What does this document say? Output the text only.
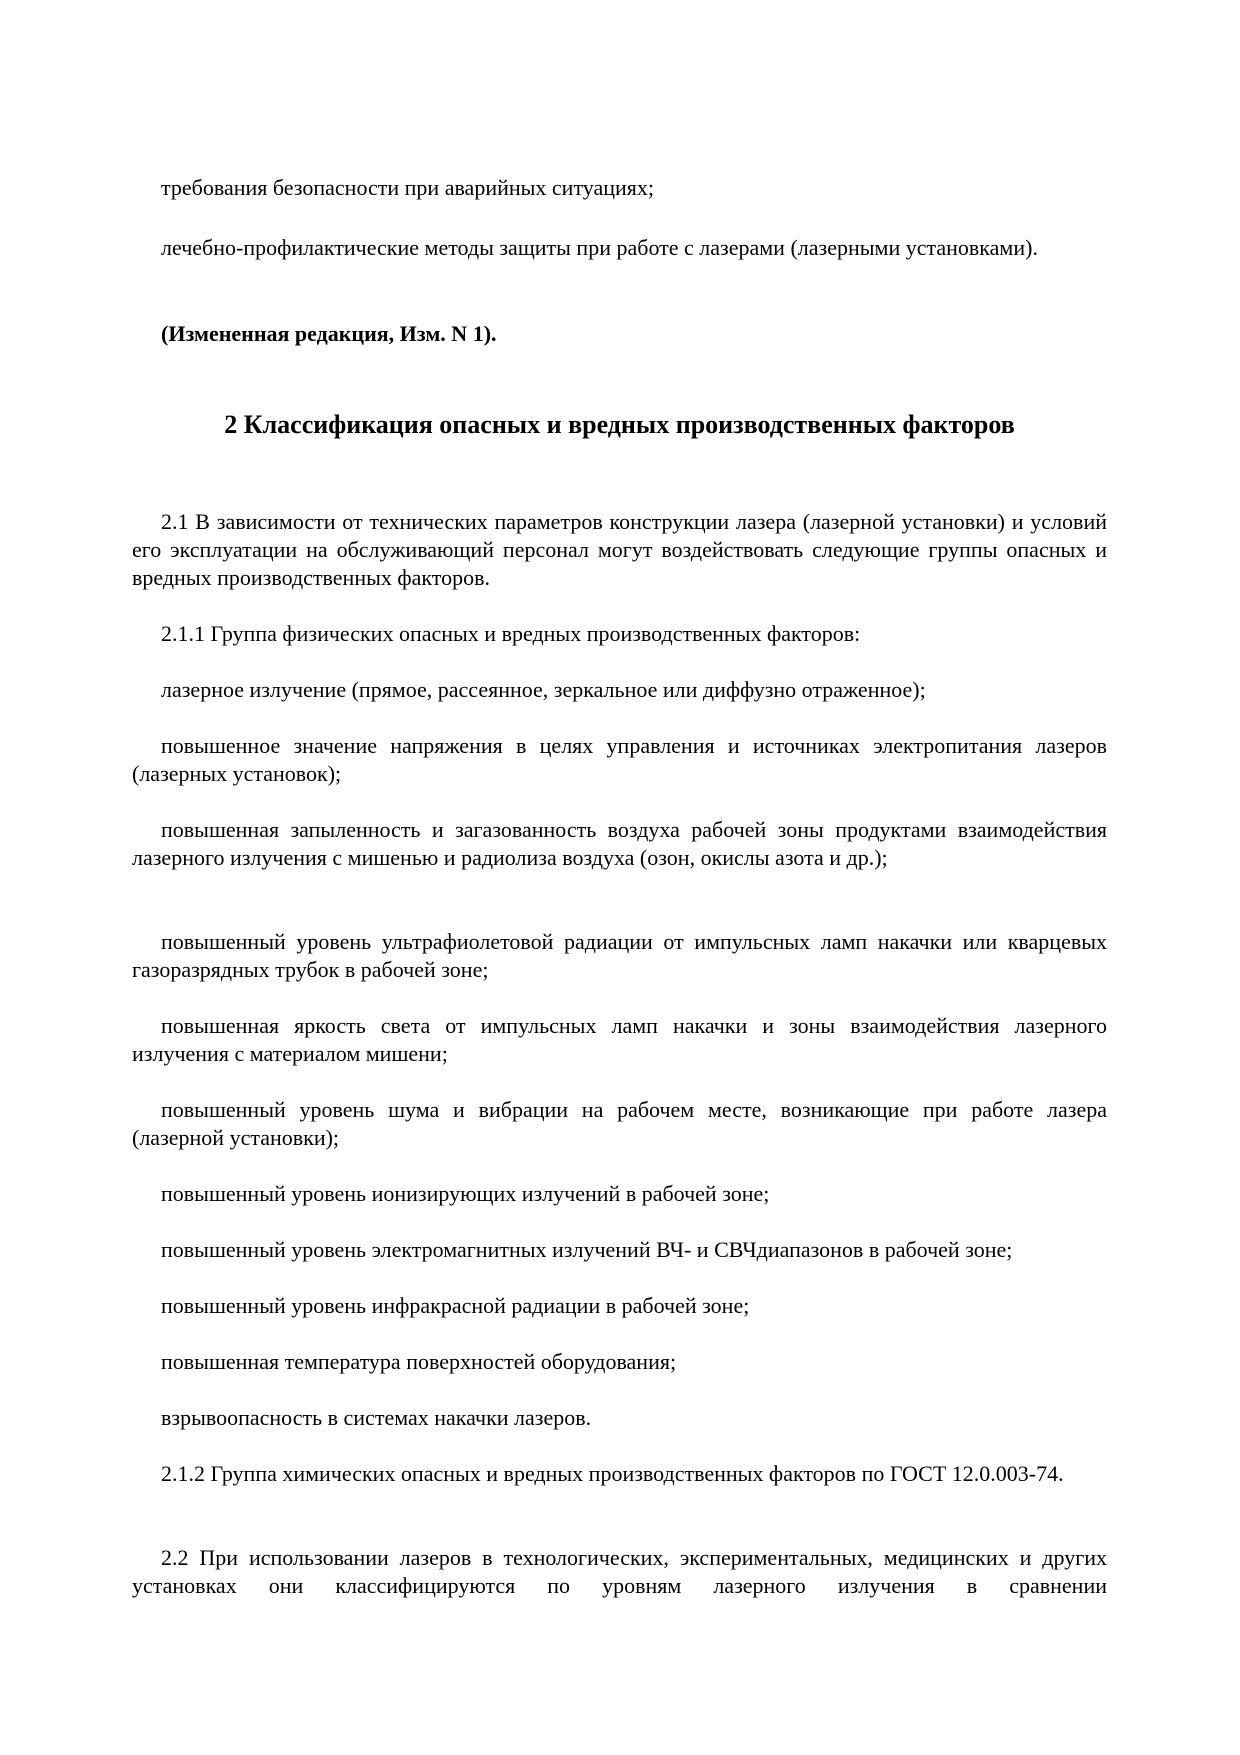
требования безопасности при аварийных ситуациях;

лечебно-профилактические методы защиты при работе с лазерами (лазерными установками).

(Измененная редакция, Изм. N 1).

2 Классификация опасных и вредных производственных факторов

2.1 В зависимости от технических параметров конструкции лазера (лазерной установки) и условий его эксплуатации на обслуживающий персонал могут воздействовать следующие группы опасных и вредных производственных факторов.

2.1.1 Группа физических опасных и вредных производственных факторов:

лазерное излучение (прямое, рассеянное, зеркальное или диффузно отраженное);

повышенное значение напряжения в целях управления и источниках электропитания лазеров (лазерных установок);

повышенная запыленность и загазованность воздуха рабочей зоны продуктами взаимодействия лазерного излучения с мишенью и радиолиза воздуха (озон, окислы азота и др.);

повышенный уровень ультрафиолетовой радиации от импульсных ламп накачки или кварцевых газоразрядных трубок в рабочей зоне;

повышенная яркость света от импульсных ламп накачки и зоны взаимодействия лазерного излучения с материалом мишени;

повышенный уровень шума и вибрации на рабочем месте, возникающие при работе лазера (лазерной установки);

повышенный уровень ионизирующих излучений в рабочей зоне;

повышенный уровень электромагнитных излучений ВЧ- и СВЧдиапазонов в рабочей зоне;

повышенный уровень инфракрасной радиации в рабочей зоне;

повышенная температура поверхностей оборудования;

взрывоопасность в системах накачки лазеров.

2.1.2 Группа химических опасных и вредных производственных факторов по ГОСТ 12.0.003-74.

2.2 При использовании лазеров в технологических, экспериментальных, медицинских и других установках они классифицируются по уровням лазерного излучения в сравнении
